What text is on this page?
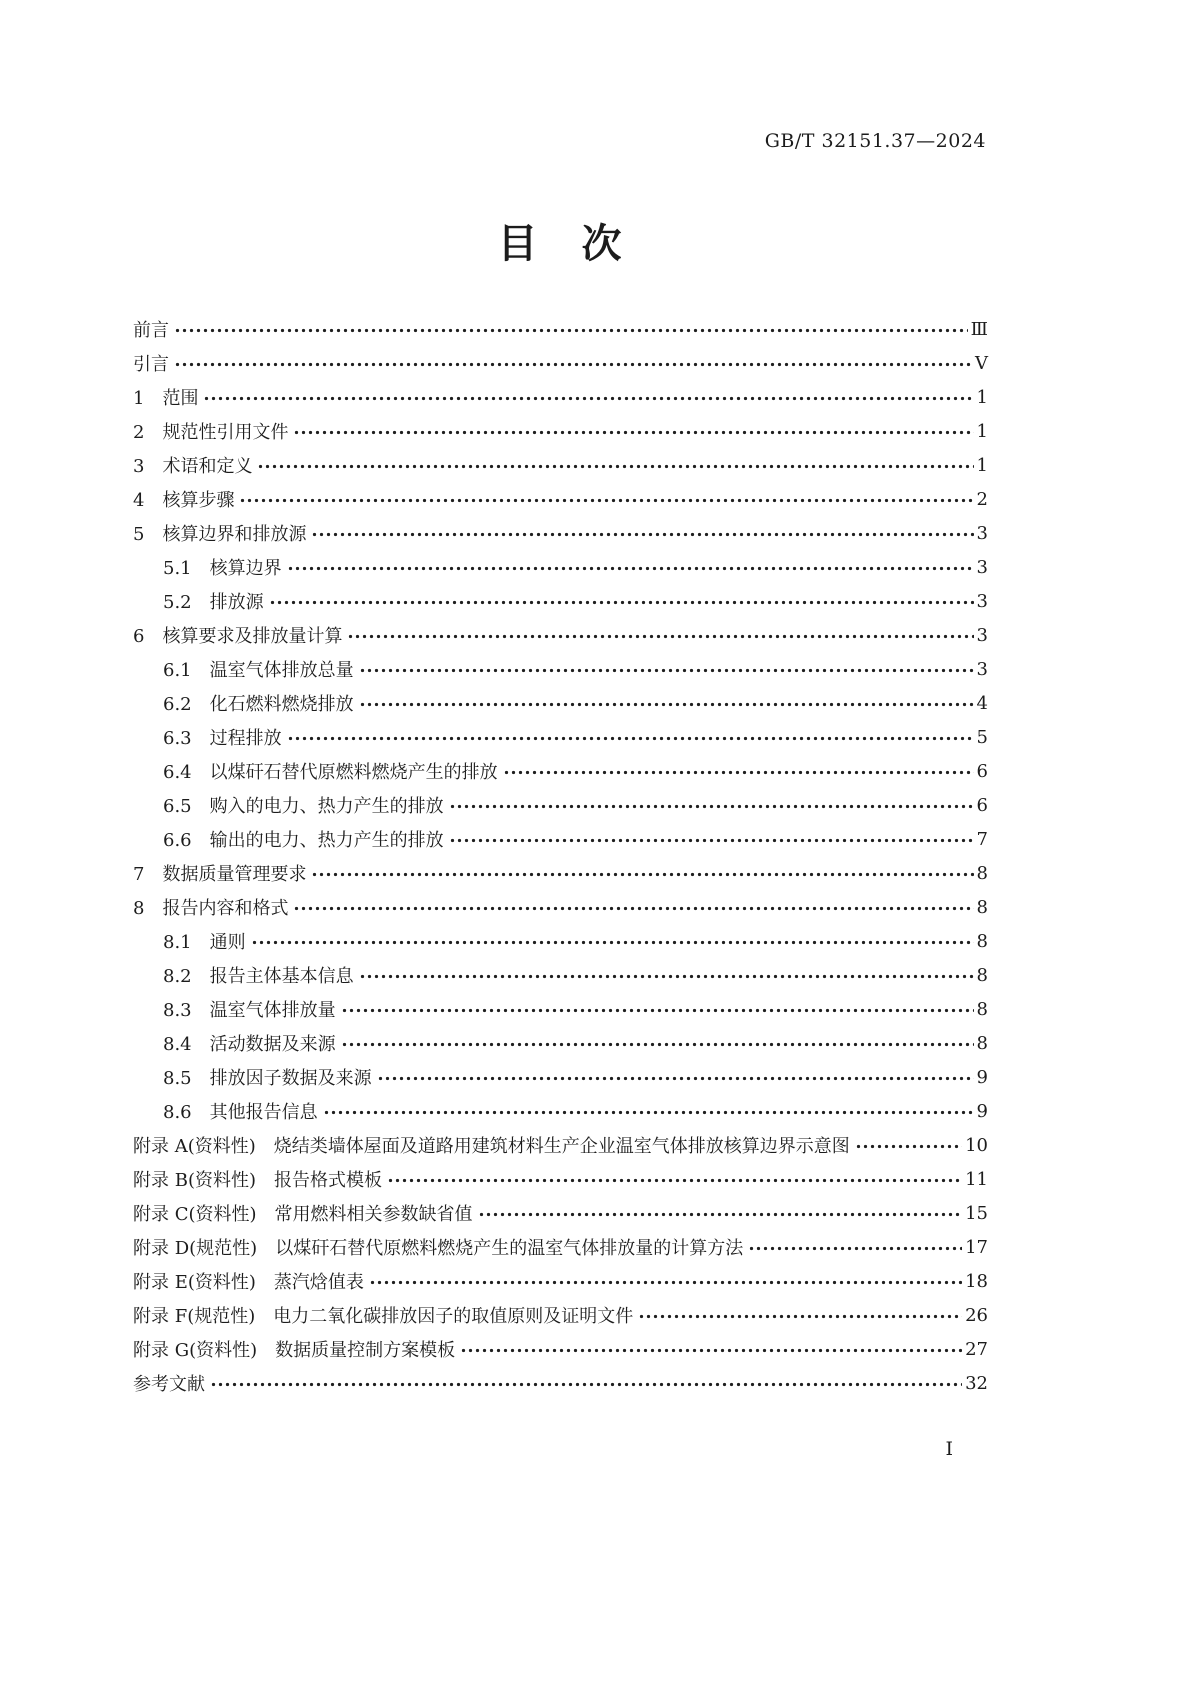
GB/T 32151.37—2024
目　次
前言	Ⅲ
引言	Ⅴ
1　范围	1
2　规范性引用文件	1
3　术语和定义	1
4　核算步骤	2
5　核算边界和排放源	3
5.1　核算边界	3
5.2　排放源	3
6　核算要求及排放量计算	3
6.1　温室气体排放总量	3
6.2　化石燃料燃烧排放	4
6.3　过程排放	5
6.4　以煤矸石替代原燃料燃烧产生的排放	6
6.5　购入的电力、热力产生的排放	6
6.6　输出的电力、热力产生的排放	7
7　数据质量管理要求	8
8　报告内容和格式	8
8.1　通则	8
8.2　报告主体基本信息	8
8.3　温室气体排放量	8
8.4　活动数据及来源	8
8.5　排放因子数据及来源	9
8.6　其他报告信息	9
附录 A(资料性)　烧结类墙体屋面及道路用建筑材料生产企业温室气体排放核算边界示意图	10
附录 B(资料性)　报告格式模板	11
附录 C(资料性)　常用燃料相关参数缺省值	15
附录 D(规范性)　以煤矸石替代原燃料燃烧产生的温室气体排放量的计算方法	17
附录 E(资料性)　蒸汽焓值表	18
附录 F(规范性)　电力二氧化碳排放因子的取值原则及证明文件	26
附录 G(资料性)　数据质量控制方案模板	27
参考文献	32
Ⅰ
